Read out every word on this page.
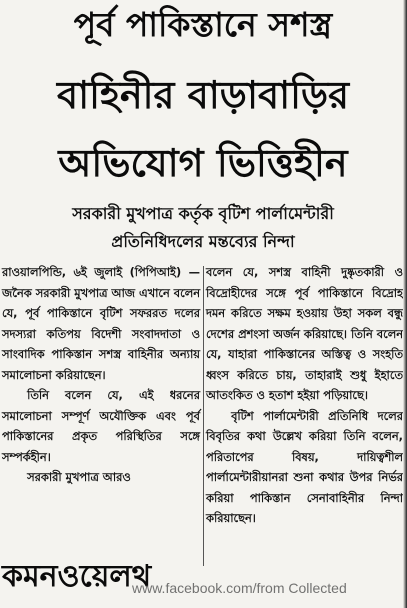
পূর্ব পাকিস্তানে সশস্ত্র
বাহিনীর বাড়াবাড়ির
অভিযোগ ভিত্তিহীন
সরকারী মুখপাত্র কর্তৃক বৃটিশ পার্লামেন্টারী
প্রতিনিধিদলের মন্তব্যের নিন্দা

রাওয়ালপিন্ডি, ৬ই জুলাই (পিপিআই) — জনৈক সরকারী মুখপাত্র আজ এখানে বলেন যে, পূর্ব পাকিস্তানে বৃটিশ সফররত দলের সদস্যরা কতিপয় বিদেশী সংবাদদাতা ও সাংবাদিক পাকিস্তান সশস্ত্র বাহিনীর অন্যায় সমালোচনা করিয়াছেন।

তিনি বলেন যে, এই ধরনের সমালোচনা সম্পূর্ণ অযৌক্তিক এবং পূর্ব পাকিস্তানের প্রকৃত পরিস্থিতির সঙ্গে সম্পর্কহীন।

সরকারী মুখপাত্র আরও

বলেন যে, সশস্ত্র বাহিনী দুষ্কৃতকারী ও বিদ্রোহীদের সঙ্গে পূর্ব পাকিস্তানে বিদ্রোহ দমন করিতে সক্ষম হওয়ায় উহা সকল বন্ধু দেশের প্রশংসা অর্জন করিয়াছে। তিনি বলেন যে, যাহারা পাকিস্তানের অস্তিত্ব ও সংহতি ধ্বংস করিতে চায়, তাহারাই শুধু ইহাতে আতংকিত ও হতাশ হইয়া পড়িয়াছে।

বৃটিশ পার্লামেন্টারী প্রতিনিধি দলের বিবৃতির কথা উল্লেখ করিয়া তিনি বলেন, পরিতাপের বিষয়, দায়িত্বশীল পার্লামেন্টারীয়ানরা শুনা কথার উপর নির্ভর করিয়া পাকিস্তান সেনাবাহিনীর নিন্দা করিয়াছেন।

কমনওয়েলথ
www.facebook.com/from Collected
